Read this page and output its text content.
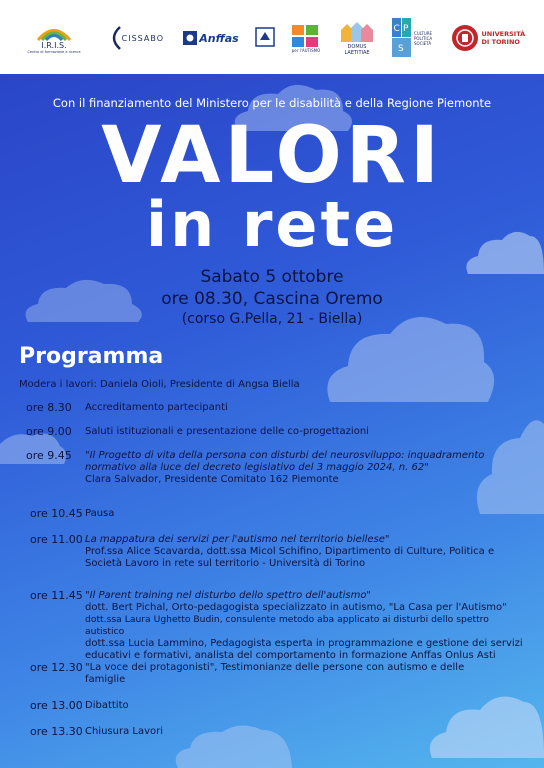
I.R.I.S.
Centro di formazione e ricerca
CISSABO	Anffas
per l'AUTISMO	DOMUS LAETITIAE
C P
S
CULTURE POLITICA SOCIETÀ
UNIVERSITÀ DI TORINO
Con il finanziamento del Ministero per le disabilità e della Regione Piemonte
VALORI
in rete
Sabato 5 ottobre
ore 08.30, Cascina Oremo
(corso G.Pella, 21 - Biella)
Programma
Modera i lavori: Daniela Oioli, Presidente di Angsa Biella
ore 8.30 Accreditamento partecipanti
ore 9.00 Saluti istituzionali e presentazione delle co-progettazioni
ore 9.45 "Il Progetto di vita della persona con disturbi del neurosviluppo: inquadramento
normativo alla luce del decreto legislativo del 3 maggio 2024, n. 62"
Clara Salvador, Presidente Comitato 162 Piemonte
ore 10.45 Pausa
ore 11.00 La mappatura dei servizi per l'autismo nel territorio biellese"
Prof.ssa Alice Scavarda, dott.ssa Micol Schifino, Dipartimento di Culture, Politica e
Società Lavoro in rete sul territorio - Università di Torino
ore 11.45 "Il Parent training nel disturbo dello spettro dell'autismo"
dott. Bert Pichal, Orto-pedagogista specializzato in autismo, "La Casa per l'Autismo"
dott.ssa Laura Ughetto Budin, consulente metodo aba applicato ai disturbi dello spettro autistico
dott.ssa Lucia Lammino, Pedagogista esperta in programmazione e gestione dei servizi
educativi e formativi, analista del comportamento in formazione Anffas Onlus Asti
ore 12.30 "La voce dei protagonisti", Testimonianze delle persone con autismo e delle
famiglie
ore 13.00 Dibattito
ore 13.30 Chiusura Lavori
